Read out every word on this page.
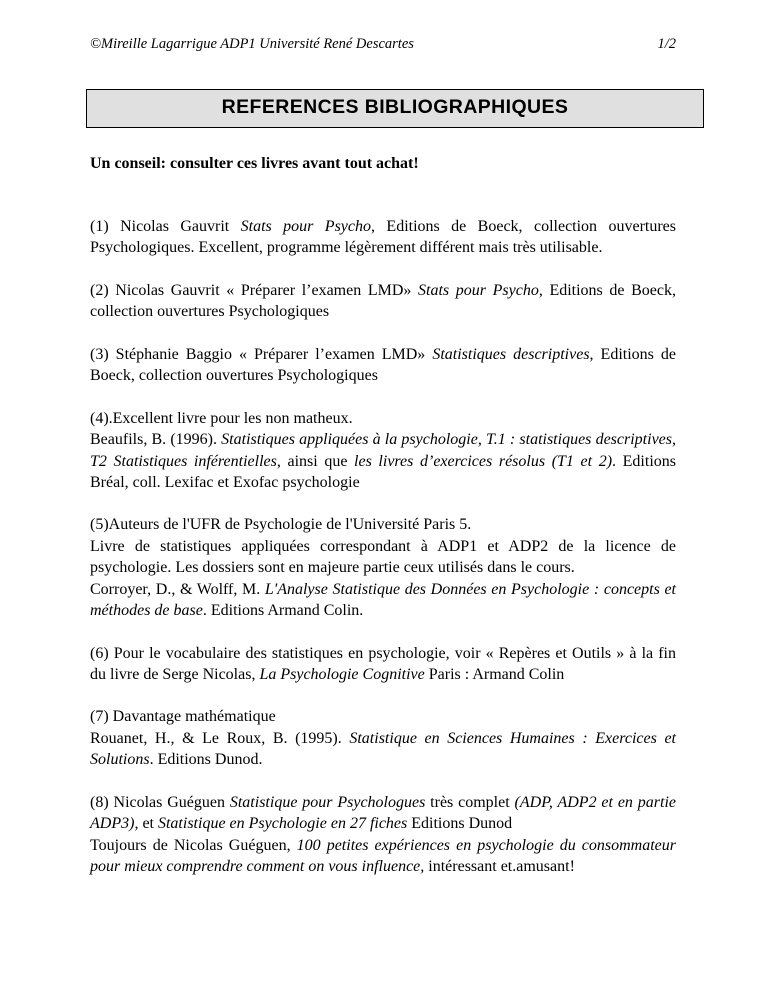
©Mireille Lagarrigue ADP1 Université René Descartes	1/2
REFERENCES BIBLIOGRAPHIQUES
Un conseil: consulter ces livres avant tout achat!

(1) Nicolas Gauvrit Stats pour Psycho, Editions de Boeck, collection ouvertures Psychologiques. Excellent, programme légèrement différent mais très utilisable.

(2) Nicolas Gauvrit « Préparer l’examen LMD» Stats pour Psycho, Editions de Boeck, collection ouvertures Psychologiques

(3) Stéphanie Baggio « Préparer l’examen LMD» Statistiques descriptives, Editions de Boeck, collection ouvertures Psychologiques

(4).Excellent livre pour les non matheux.
Beaufils, B. (1996). Statistiques appliquées à la psychologie, T.1 : statistiques descriptives, T2 Statistiques inférentielles, ainsi que les livres d’exercices résolus (T1 et 2). Editions Bréal, coll. Lexifac et Exofac psychologie

(5)Auteurs de l'UFR de Psychologie de l'Université Paris 5.
Livre de statistiques appliquées correspondant à ADP1 et ADP2 de la licence de psychologie. Les dossiers sont en majeure partie ceux utilisés dans le cours.
Corroyer, D., & Wolff, M. L'Analyse Statistique des Données en Psychologie : concepts et méthodes de base. Editions Armand Colin.

(6) Pour le vocabulaire des statistiques en psychologie, voir « Repères et Outils » à la fin du livre de Serge Nicolas, La Psychologie Cognitive Paris : Armand Colin

(7) Davantage mathématique
Rouanet, H., & Le Roux, B. (1995). Statistique en Sciences Humaines : Exercices et Solutions. Editions Dunod.

(8) Nicolas Guéguen Statistique pour Psychologues très complet (ADP, ADP2 et en partie ADP3), et Statistique en Psychologie en 27 fiches Editions Dunod
Toujours de Nicolas Guéguen, 100 petites expériences en psychologie du consommateur pour mieux comprendre comment on vous influence, intéressant et.amusant!
